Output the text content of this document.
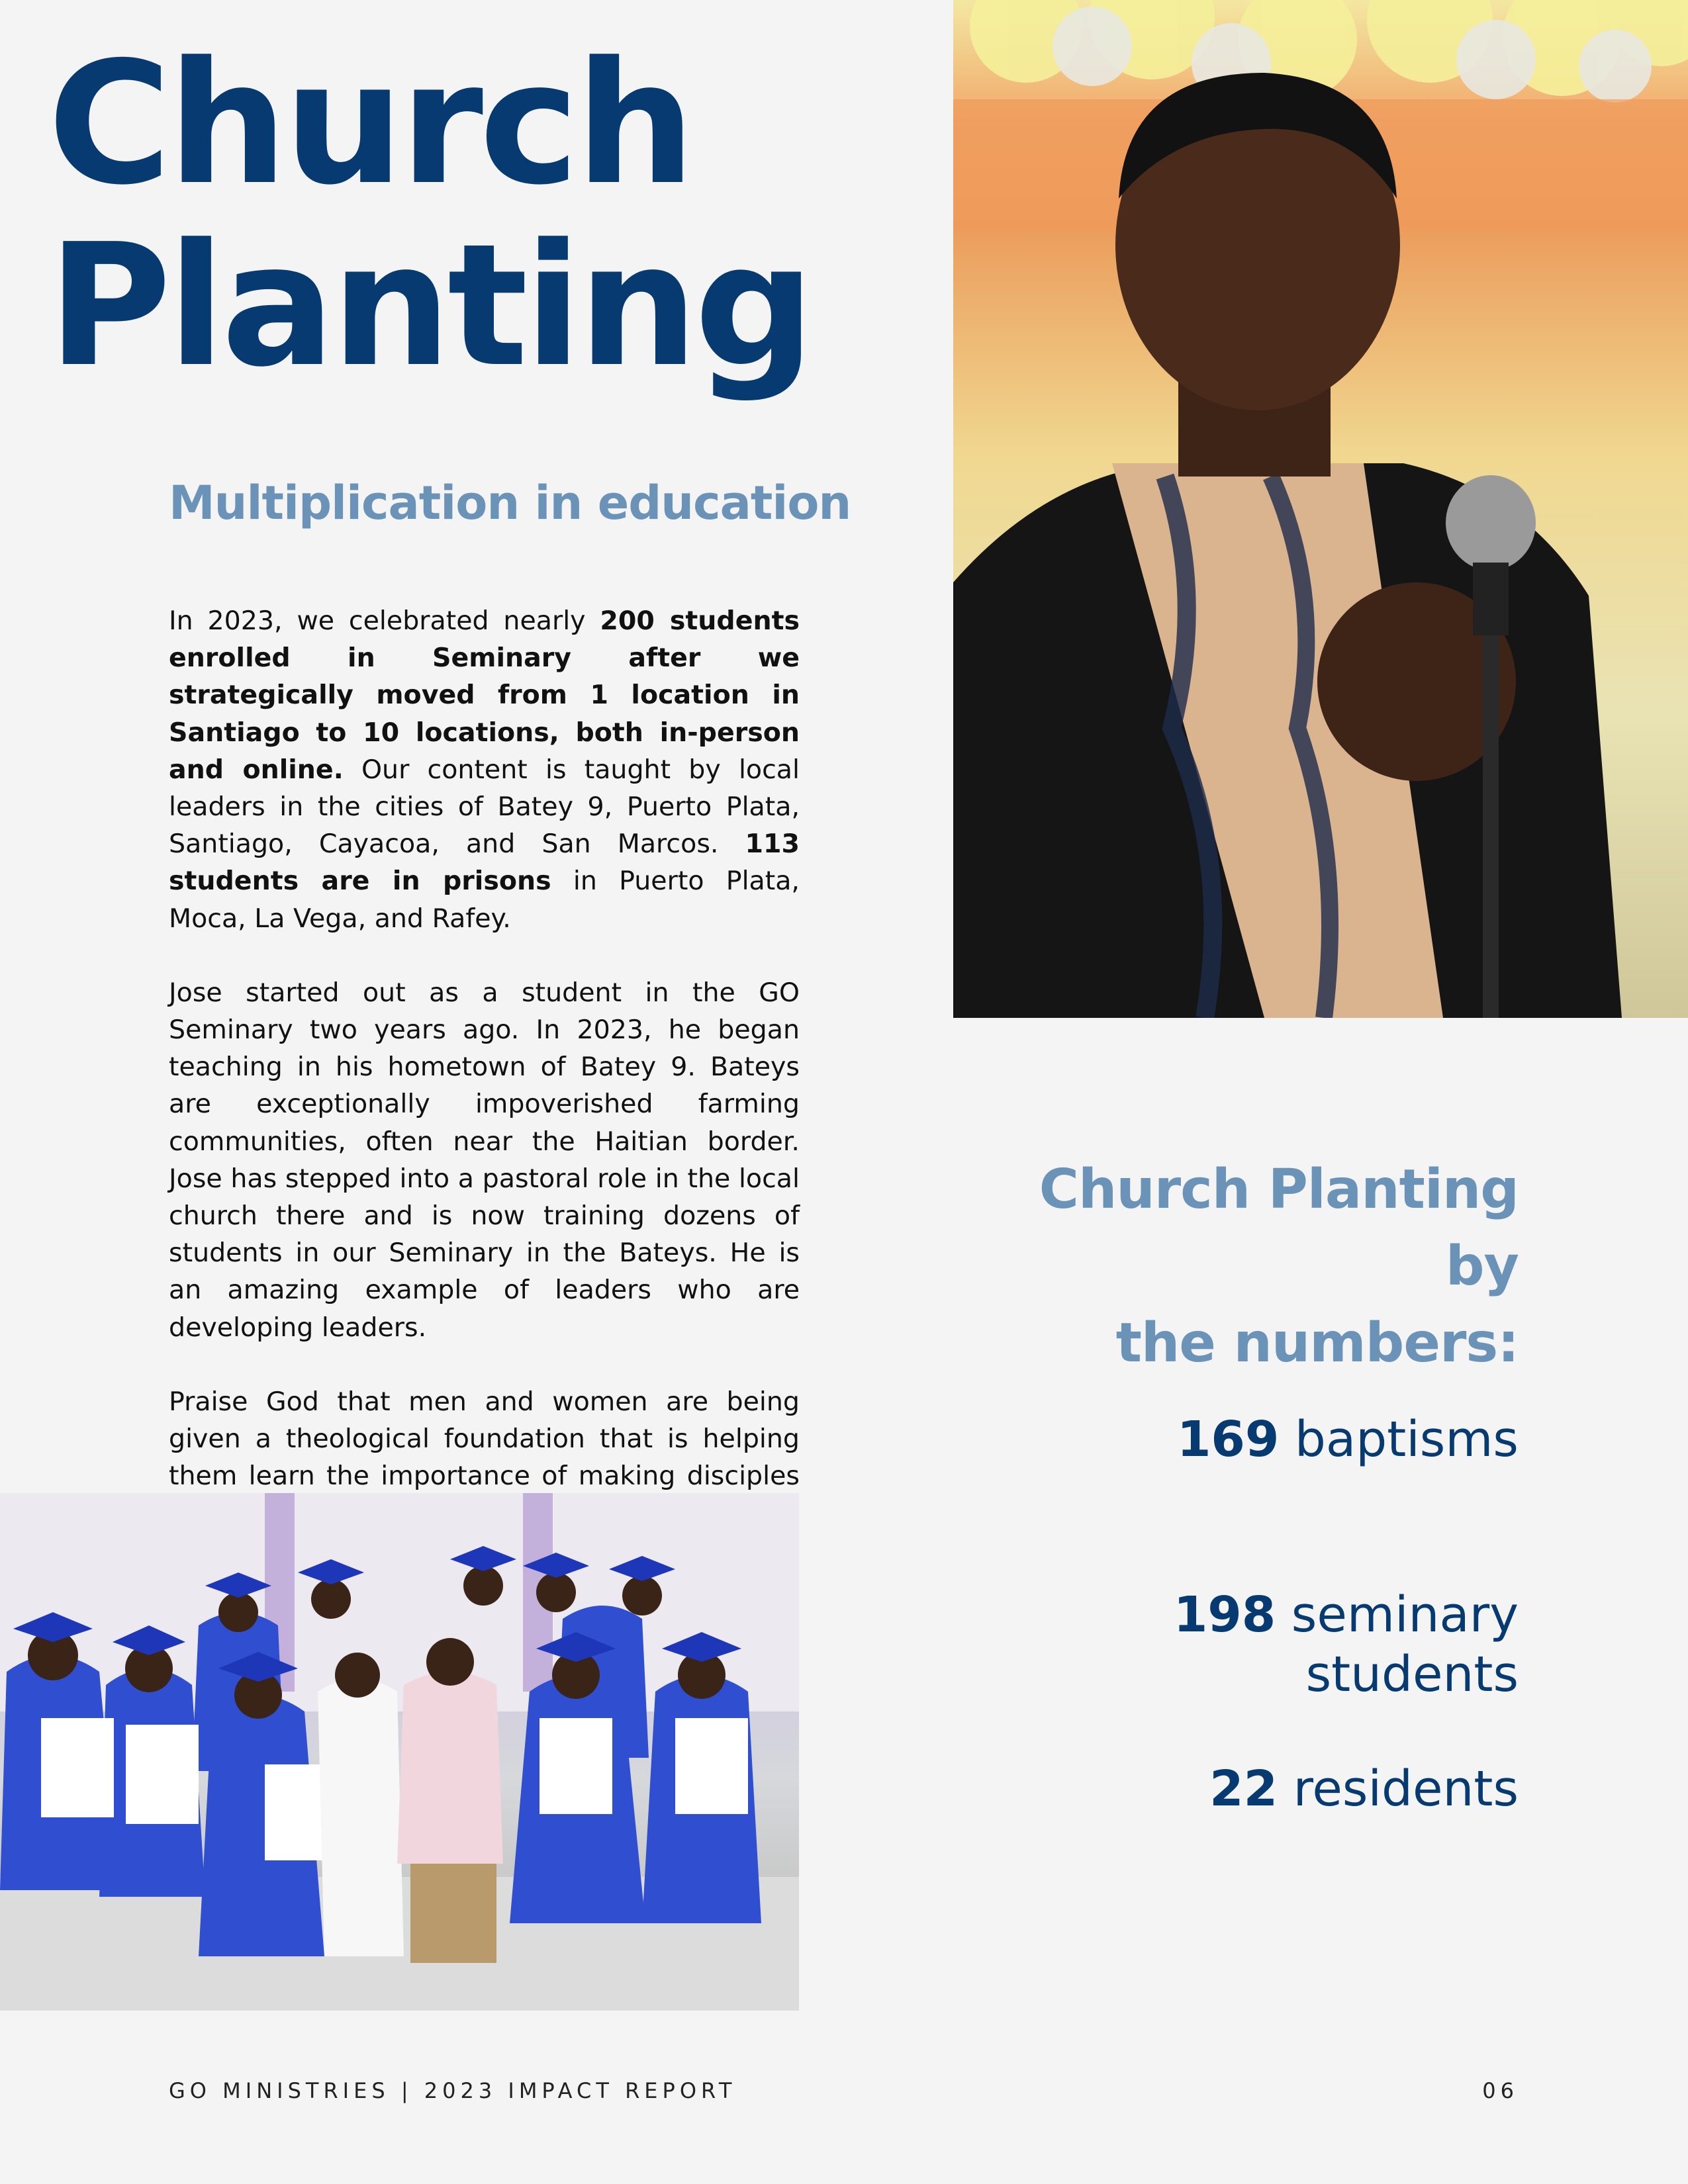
Church
Planting
Multiplication in education

In 2023, we celebrated nearly 200 students enrolled in Seminary after we strategically moved from 1 location in Santiago to 10 locations, both in-person and online. Our content is taught by local leaders in the cities of Batey 9, Puerto Plata, Santiago, Cayacoa, and San Marcos. 113 students are in prisons in Puerto Plata, Moca, La Vega, and Rafey.

Jose started out as a student in the GO Seminary two years ago. In 2023, he began teaching in his hometown of Batey 9. Bateys are exceptionally impoverished farming communities, often near the Haitian border. Jose has stepped into a pastoral role in the local church there and is now training dozens of students in our Seminary in the Bateys. He is an amazing example of leaders who are developing leaders.

Praise God that men and women are being given a theological foundation that is helping them learn the importance of making disciples

Church Planting by
the numbers:
169 baptisms
198 seminary students
22 residents
GO MINISTRIES | 2023 IMPACT REPORT	06
